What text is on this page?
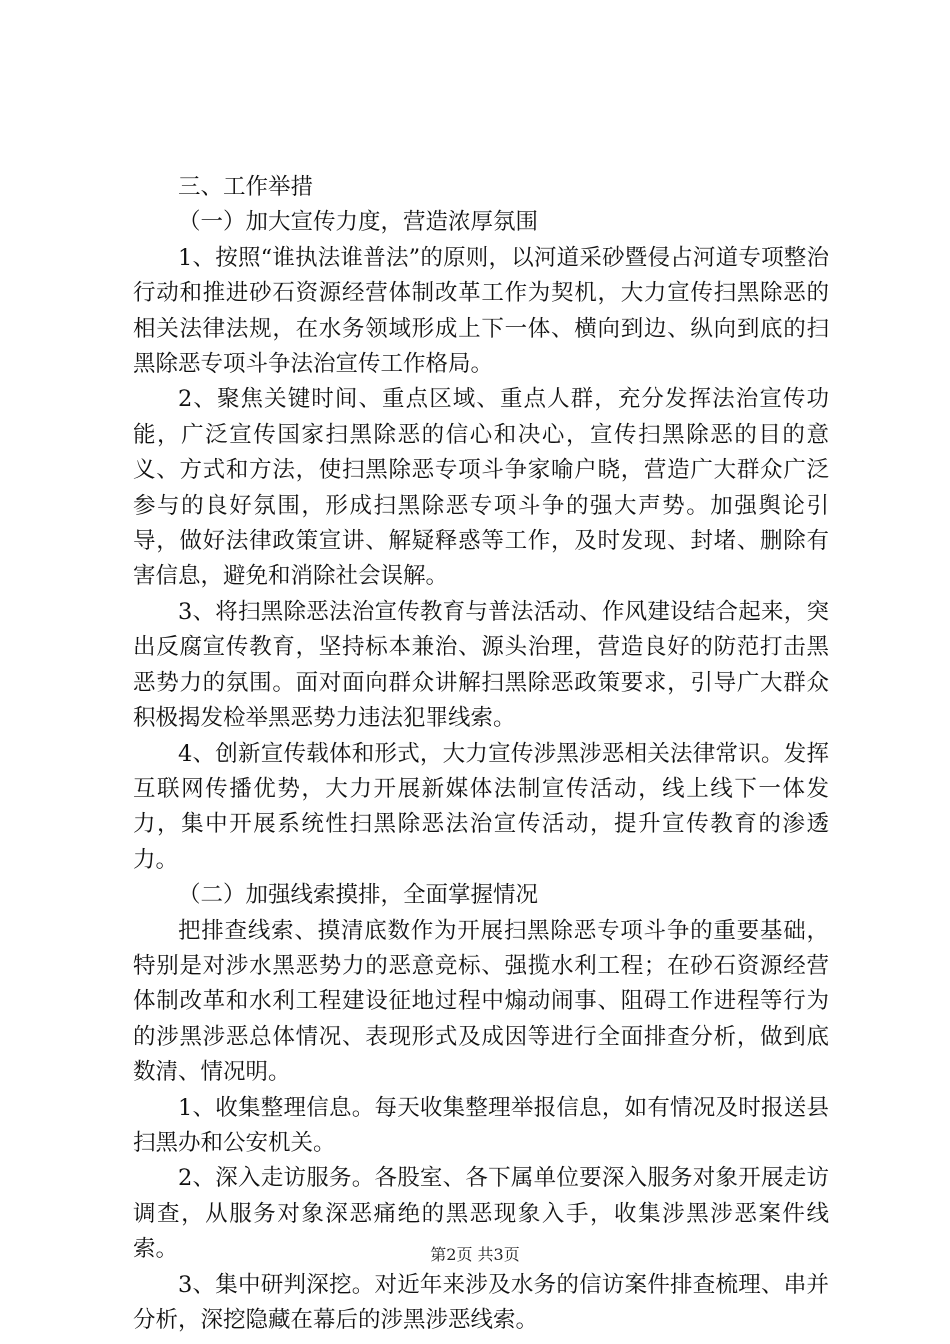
三、工作举措

（一）加大宣传力度，营造浓厚氛围

1、按照“谁执法谁普法”的原则，以河道采砂暨侵占河道专项整治行动和推进砂石资源经营体制改革工作为契机，大力宣传扫黑除恶的相关法律法规，在水务领域形成上下一体、横向到边、纵向到底的扫黑除恶专项斗争法治宣传工作格局。

2、聚焦关键时间、重点区域、重点人群，充分发挥法治宣传功能，广泛宣传国家扫黑除恶的信心和决心，宣传扫黑除恶的目的意义、方式和方法，使扫黑除恶专项斗争家喻户晓，营造广大群众广泛参与的良好氛围，形成扫黑除恶专项斗争的强大声势。加强舆论引导，做好法律政策宣讲、解疑释惑等工作，及时发现、封堵、删除有害信息，避免和消除社会误解。

3、将扫黑除恶法治宣传教育与普法活动、作风建设结合起来，突出反腐宣传教育，坚持标本兼治、源头治理，营造良好的防范打击黑恶势力的氛围。面对面向群众讲解扫黑除恶政策要求，引导广大群众积极揭发检举黑恶势力违法犯罪线索。

4、创新宣传载体和形式，大力宣传涉黑涉恶相关法律常识。发挥互联网传播优势，大力开展新媒体法制宣传活动，线上线下一体发力，集中开展系统性扫黑除恶法治宣传活动，提升宣传教育的渗透力。

（二）加强线索摸排，全面掌握情况

把排查线索、摸清底数作为开展扫黑除恶专项斗争的重要基础，特别是对涉水黑恶势力的恶意竞标、强揽水利工程；在砂石资源经营体制改革和水利工程建设征地过程中煽动闹事、阻碍工作进程等行为的涉黑涉恶总体情况、表现形式及成因等进行全面排查分析，做到底数清、情况明。

1、收集整理信息。每天收集整理举报信息，如有情况及时报送县扫黑办和公安机关。

2、深入走访服务。各股室、各下属单位要深入服务对象开展走访调查，从服务对象深恶痛绝的黑恶现象入手，收集涉黑涉恶案件线索。

3、集中研判深挖。对近年来涉及水务的信访案件排查梳理、串并分析，深挖隐藏在幕后的涉黑涉恶线索。

第2页 共3页
